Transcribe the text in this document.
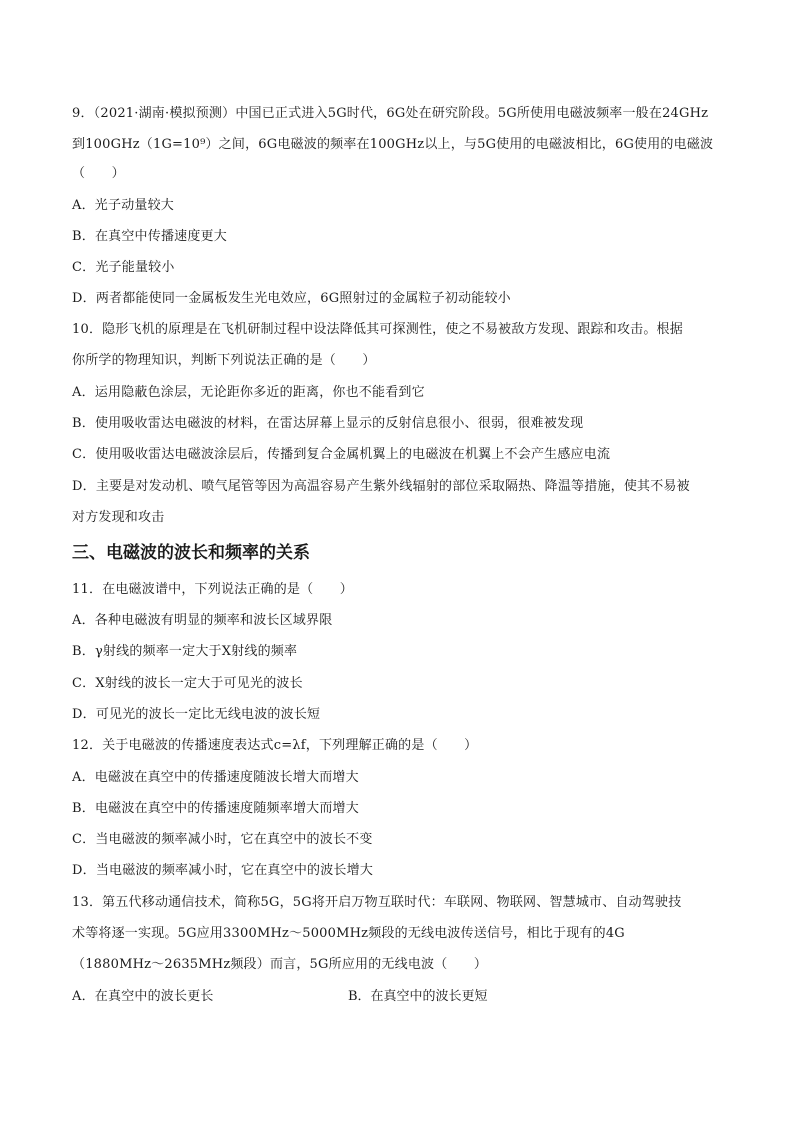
9．（2021·湖南·模拟预测）中国已正式进入5G时代，6G处在研究阶段。5G所使用电磁波频率一般在24GHz
到100GHz（1G=10⁹）之间，6G电磁波的频率在100GHz以上，与5G使用的电磁波相比，6G使用的电磁波
（　　）
A．光子动量较大
B．在真空中传播速度更大
C．光子能量较小
D．两者都能使同一金属板发生光电效应，6G照射过的金属粒子初动能较小
10．隐形飞机的原理是在飞机研制过程中设法降低其可探测性，使之不易被敌方发现、跟踪和攻击。根据
你所学的物理知识，判断下列说法正确的是（　　）
A．运用隐蔽色涂层，无论距你多近的距离，你也不能看到它
B．使用吸收雷达电磁波的材料，在雷达屏幕上显示的反射信息很小、很弱，很难被发现
C．使用吸收雷达电磁波涂层后，传播到复合金属机翼上的电磁波在机翼上不会产生感应电流
D．主要是对发动机、喷气尾管等因为高温容易产生紫外线辐射的部位采取隔热、降温等措施，使其不易被
对方发现和攻击
三、电磁波的波长和频率的关系
11．在电磁波谱中，下列说法正确的是（　　）
A．各种电磁波有明显的频率和波长区域界限
B．γ射线的频率一定大于X射线的频率
C．X射线的波长一定大于可见光的波长
D．可见光的波长一定比无线电波的波长短
12．关于电磁波的传播速度表达式c=λf，下列理解正确的是（　　）
A．电磁波在真空中的传播速度随波长增大而增大
B．电磁波在真空中的传播速度随频率增大而增大
C．当电磁波的频率减小时，它在真空中的波长不变
D．当电磁波的频率减小时，它在真空中的波长增大
13．第五代移动通信技术，简称5G，5G将开启万物互联时代：车联网、物联网、智慧城市、自动驾驶技
术等将逐一实现。5G应用3300MHz～5000MHz频段的无线电波传送信号，相比于现有的4G
（1880MHz～2635MHz频段）而言，5G所应用的无线电波（　　）
A．在真空中的波长更长	B．在真空中的波长更短
